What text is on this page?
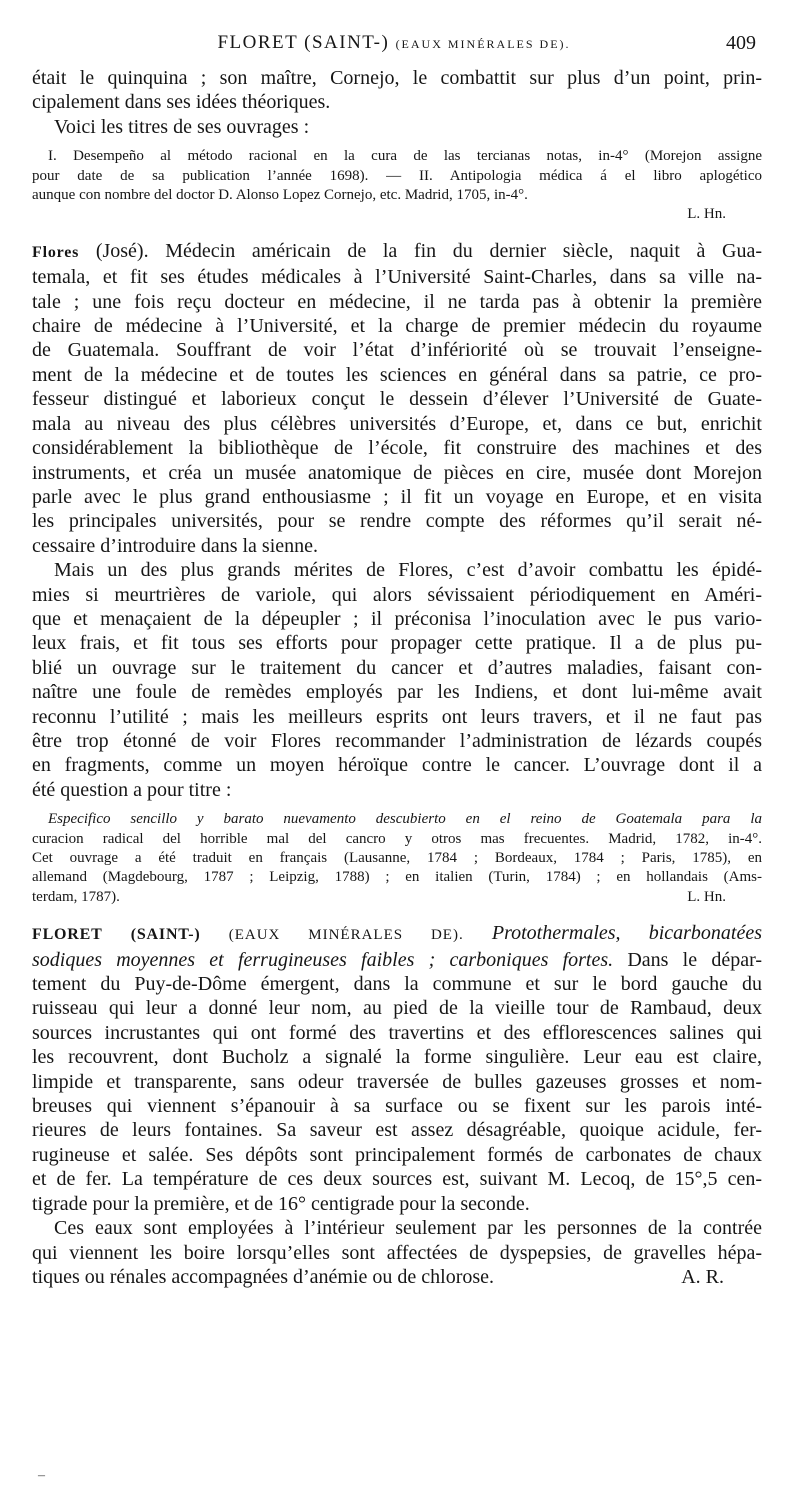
FLORET (SAINT-) (EAUX MINÉRALES DE).	409
était le quinquina ; son maître, Cornejo, le combattit sur plus d’un point, prin-
cipalement dans ses idées théoriques.
Voici les titres de ses ouvrages :
I. Desempeño al método racional en la cura de las tercianas notas, in-4° (Morejon assigne
pour date de sa publication l’année 1698). — II. Antipologia médica á el libro aplogético
aunque con nombre del doctor D. Alonso Lopez Cornejo, etc. Madrid, 1705, in-4°.
L. Hn.
Flores (José). Médecin américain de la fin du dernier siècle, naquit à Gua-
temala, et fit ses études médicales à l’Université Saint-Charles, dans sa ville na-
tale ; une fois reçu docteur en médecine, il ne tarda pas à obtenir la première
chaire de médecine à l’Université, et la charge de premier médecin du royaume
de Guatemala. Souffrant de voir l’état d’infériorité où se trouvait l’enseigne-
ment de la médecine et de toutes les sciences en général dans sa patrie, ce pro-
fesseur distingué et laborieux conçut le dessein d’élever l’Université de Guate-
mala au niveau des plus célèbres universités d’Europe, et, dans ce but, enrichit
considérablement la bibliothèque de l’école, fit construire des machines et des
instruments, et créa un musée anatomique de pièces en cire, musée dont Morejon
parle avec le plus grand enthousiasme ; il fit un voyage en Europe, et en visita
les principales universités, pour se rendre compte des réformes qu’il serait né-
cessaire d’introduire dans la sienne.
Mais un des plus grands mérites de Flores, c’est d’avoir combattu les épidé-
mies si meurtrières de variole, qui alors sévissaient périodiquement en Améri-
que et menaçaient de la dépeupler ; il préconisa l’inoculation avec le pus vario-
leux frais, et fit tous ses efforts pour propager cette pratique. Il a de plus pu-
blié un ouvrage sur le traitement du cancer et d’autres maladies, faisant con-
naître une foule de remèdes employés par les Indiens, et dont lui-même avait
reconnu l’utilité ; mais les meilleurs esprits ont leurs travers, et il ne faut pas
être trop étonné de voir Flores recommander l’administration de lézards coupés
en fragments, comme un moyen héroïque contre le cancer. L’ouvrage dont il a
été question a pour titre :
Especifico sencillo y barato nuevamento descubierto en el reino de Goatemala para la
curacion radical del horrible mal del cancro y otros mas frecuentes. Madrid, 1782, in-4°.
Cet ouvrage a été traduit en français (Lausanne, 1784 ; Bordeaux, 1784 ; Paris, 1785), en
allemand (Magdebourg, 1787 ; Leipzig, 1788) ; en italien (Turin, 1784) ; en hollandais (Ams-
terdam, 1787).	L. Hn.
FLORET (SAINT-) (EAUX MINÉRALES DE). Protothermales, bicarbonatées
sodiques moyennes et ferrugineuses faibles ; carboniques fortes. Dans le dépar-
tement du Puy-de-Dôme émergent, dans la commune et sur le bord gauche du
ruisseau qui leur a donné leur nom, au pied de la vieille tour de Rambaud, deux
sources incrustantes qui ont formé des travertins et des efflorescences salines qui
les recouvrent, dont Bucholz a signalé la forme singulière. Leur eau est claire,
limpide et transparente, sans odeur traversée de bulles gazeuses grosses et nom-
breuses qui viennent s’épanouir à sa surface ou se fixent sur les parois inté-
rieures de leurs fontaines. Sa saveur est assez désagréable, quoique acidule, fer-
rugineuse et salée. Ses dépôts sont principalement formés de carbonates de chaux
et de fer. La température de ces deux sources est, suivant M. Lecoq, de 15°,5 cen-
tigrade pour la première, et de 16° centigrade pour la seconde.
Ces eaux sont employées à l’intérieur seulement par les personnes de la contrée
qui viennent les boire lorsqu’elles sont affectées de dyspepsies, de gravelles hépa-
tiques ou rénales accompagnées d’anémie ou de chlorose.	A. R.
–
